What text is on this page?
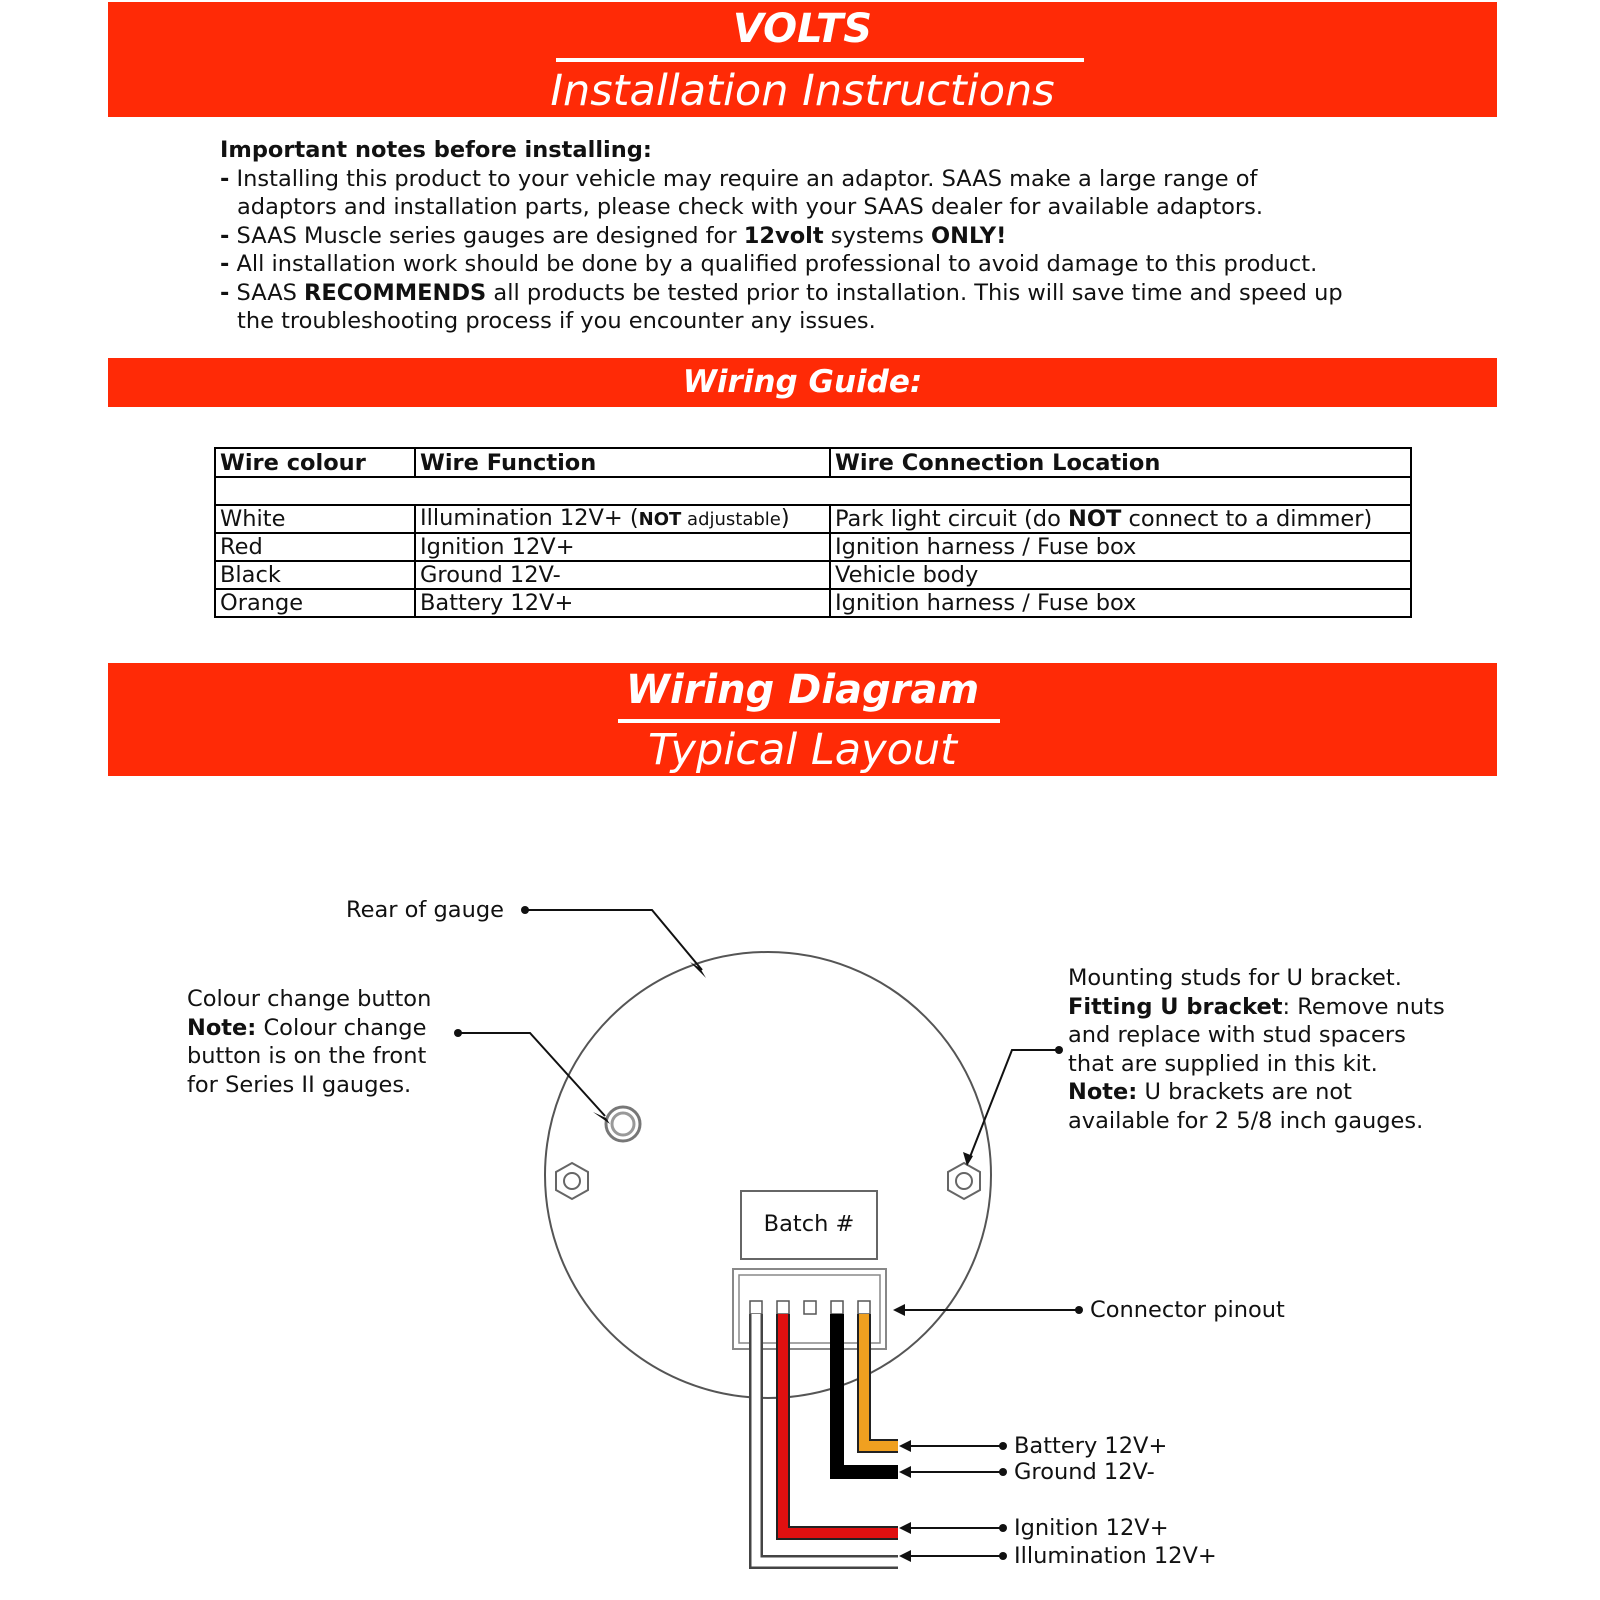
VOLTS
Installation Instructions
Important notes before installing:
- Installing this product to your vehicle may require an adaptor. SAAS make a large range of
adaptors and installation parts, please check with your SAAS dealer for available adaptors.
- SAAS Muscle series gauges are designed for 12volt systems ONLY!
- All installation work should be done by a qualified professional to avoid damage to this product.
- SAAS RECOMMENDS all products be tested prior to installation. This will save time and speed up
the troubleshooting process if you encounter any issues.
Wiring Guide:
Wire colour	Wire Function	Wire Connection Location

White	Illumination 12V+ (NOT adjustable)	Park light circuit (do NOT connect to a dimmer)
Red	Ignition 12V+	Ignition harness / Fuse box
Black	Ground 12V-	Vehicle body
Orange	Battery 12V+	Ignition harness / Fuse box
Wiring Diagram
Typical Layout
Rear of gauge
Colour change button
Note: Colour change
button is on the front
for Series II gauges.
Mounting studs for U bracket.
Fitting U bracket: Remove nuts
and replace with stud spacers
that are supplied in this kit.
Note: U brackets are not
available for 2 5/8 inch gauges.
Batch #
Connector pinout
Battery 12V+
Ground 12V-
Ignition 12V+
Illumination 12V+
